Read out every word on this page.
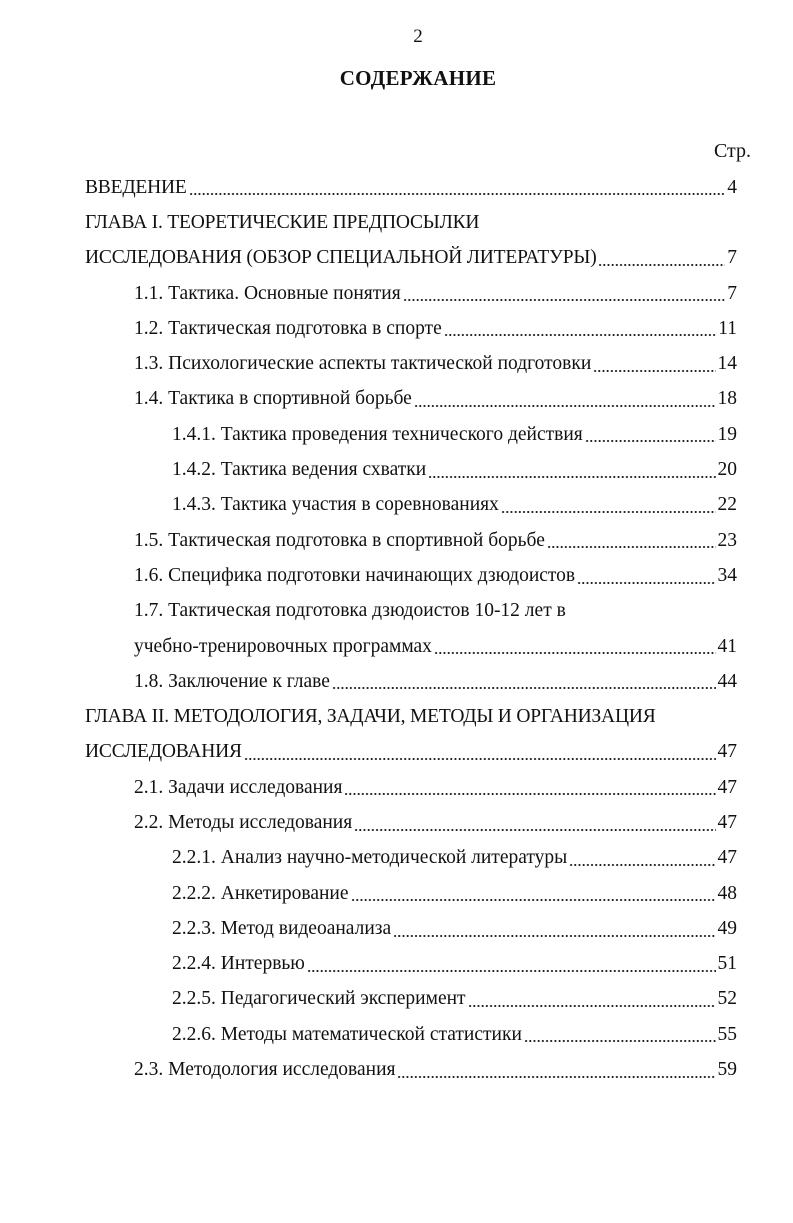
2
СОДЕРЖАНИЕ
Стр.
ВВЕДЕНИЕ	4
ГЛАВА I. ТЕОРЕТИЧЕСКИЕ ПРЕДПОСЫЛКИ
ИССЛЕДОВАНИЯ (ОБЗОР СПЕЦИАЛЬНОЙ ЛИТЕРАТУРЫ)	7
1.1. Тактика. Основные понятия	7
1.2. Тактическая подготовка в спорте	11
1.3. Психологические аспекты тактической подготовки	14
1.4. Тактика в спортивной борьбе	18
1.4.1. Тактика проведения технического действия	19
1.4.2. Тактика ведения схватки	20
1.4.3. Тактика участия в соревнованиях	22
1.5. Тактическая подготовка в спортивной борьбе	23
1.6. Специфика подготовки начинающих дзюдоистов	34
1.7. Тактическая подготовка дзюдоистов 10-12 лет в
учебно-тренировочных программах	41
1.8. Заключение к главе	44
ГЛАВА II. МЕТОДОЛОГИЯ, ЗАДАЧИ, МЕТОДЫ И ОРГАНИЗАЦИЯ
ИССЛЕДОВАНИЯ	47
2.1. Задачи исследования	47
2.2. Методы исследования	47
2.2.1. Анализ научно-методической литературы	47
2.2.2. Анкетирование	48
2.2.3. Метод видеоанализа	49
2.2.4. Интервью	51
2.2.5. Педагогический эксперимент	52
2.2.6. Методы математической статистики	55
2.3. Методология исследования	59
